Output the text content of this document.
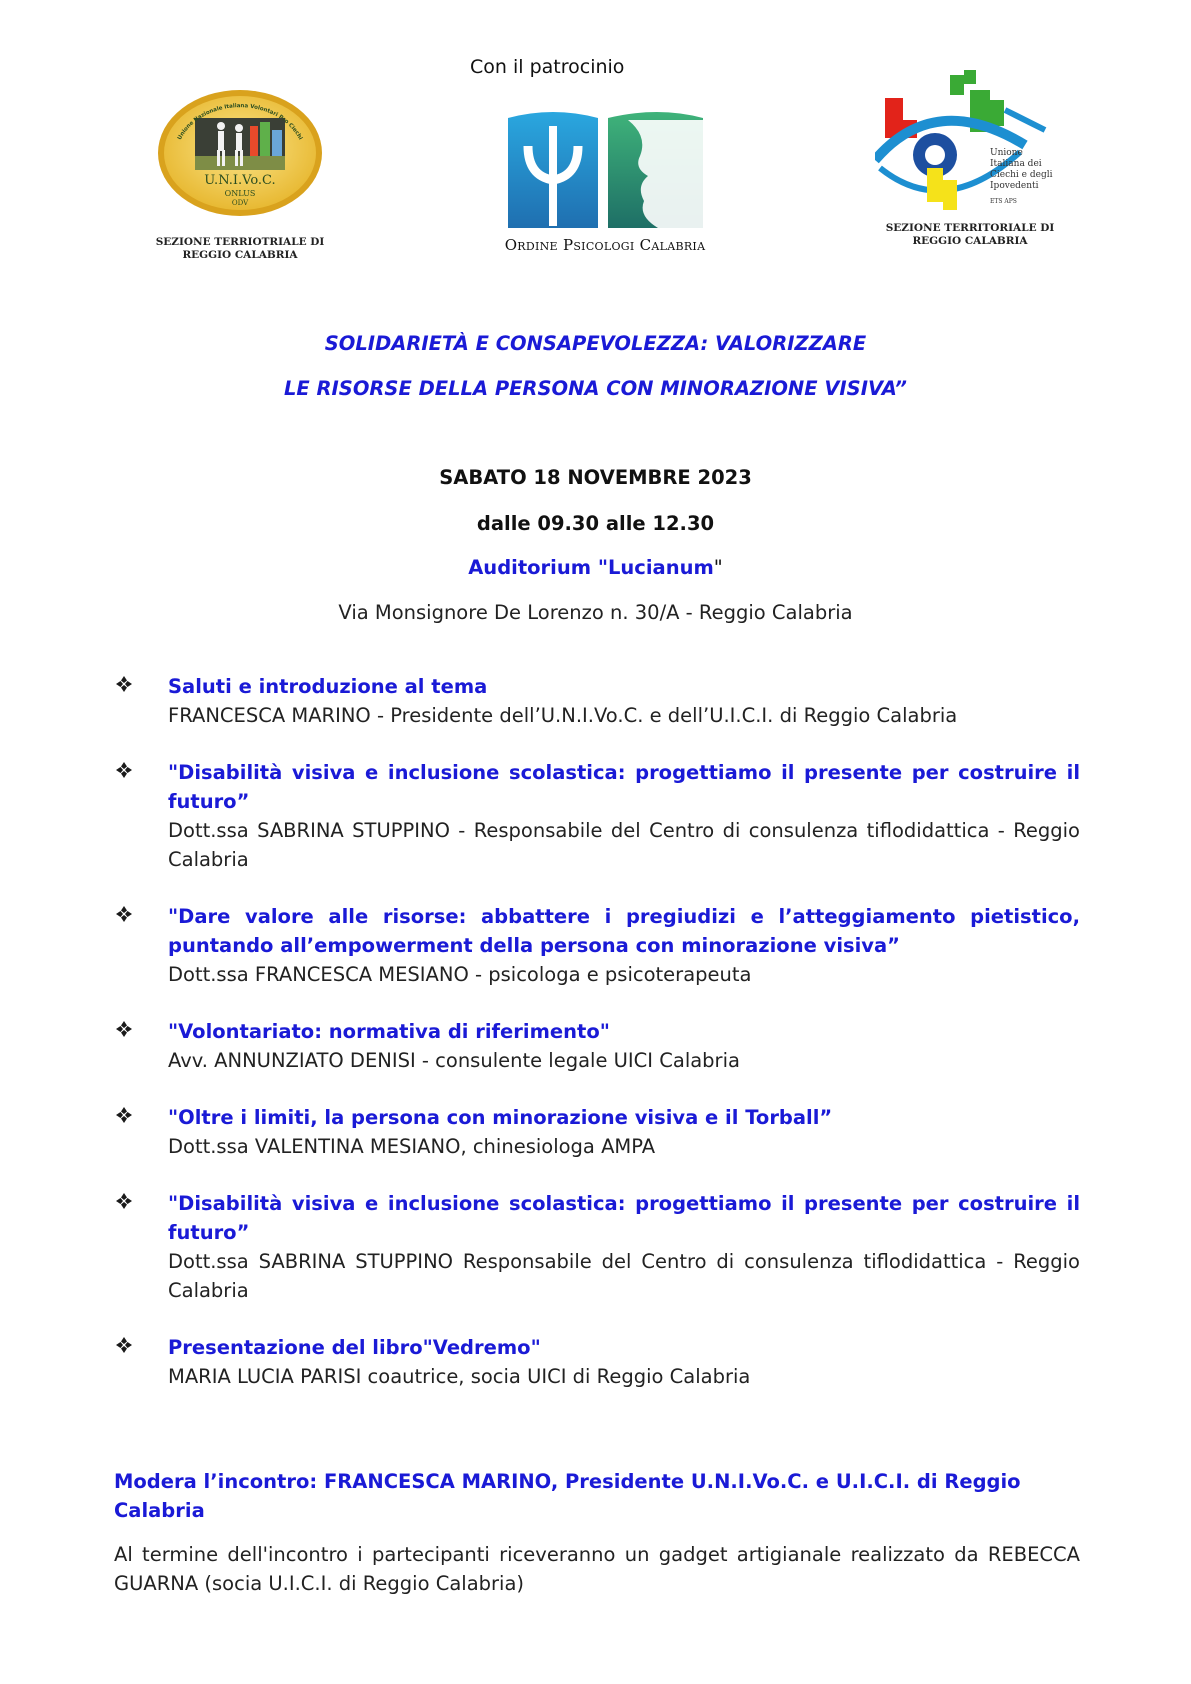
Con il patrocinio
U.N.I.Vo.C.
ONLUS
ODV
Unione Nazionale Italiana Volontari Pro Ciechi
SEZIONE TERRIOTRIALE DI
REGGIO CALABRIA
Ordine Psicologi Calabria
Unione
Italiana dei
Ciechi e degli
Ipovedenti
ETS APS
SEZIONE TERRITORIALE DI
REGGIO CALABRIA
SOLIDARIETÀ E CONSAPEVOLEZZA: VALORIZZARE
LE RISORSE DELLA PERSONA CON MINORAZIONE VISIVA”
SABATO 18 NOVEMBRE 2023
dalle 09.30 alle 12.30
Auditorium "Lucianum"
Via Monsignore De Lorenzo n. 30/A - Reggio Calabria
Saluti e introduzione al tema
FRANCESCA MARINO - Presidente dell’U.N.I.Vo.C. e dell’U.I.C.I. di Reggio Calabria
"Disabilità visiva e inclusione scolastica: progettiamo il presente per costruire il futuro”
Dott.ssa SABRINA STUPPINO - Responsabile del Centro di consulenza tiflodidattica - Reggio Calabria
"Dare valore alle risorse: abbattere i pregiudizi e l’atteggiamento pietistico, puntando all’empowerment della persona con minorazione visiva”
Dott.ssa FRANCESCA MESIANO - psicologa e psicoterapeuta
"Volontariato: normativa di riferimento"
Avv. ANNUNZIATO DENISI - consulente legale UICI Calabria
"Oltre i limiti, la persona con minorazione visiva e il Torball”
Dott.ssa VALENTINA MESIANO, chinesiologa AMPA
"Disabilità visiva e inclusione scolastica: progettiamo il presente per costruire il futuro”
Dott.ssa SABRINA STUPPINO Responsabile del Centro di consulenza tiflodidattica - Reggio Calabria
Presentazione del libro"Vedremo"
MARIA LUCIA PARISI coautrice, socia UICI di Reggio Calabria
Modera l’incontro: FRANCESCA MARINO, Presidente U.N.I.Vo.C. e U.I.C.I. di Reggio Calabria
Al termine dell'incontro i partecipanti riceveranno un gadget artigianale realizzato da REBECCA GUARNA (socia U.I.C.I. di Reggio Calabria)
